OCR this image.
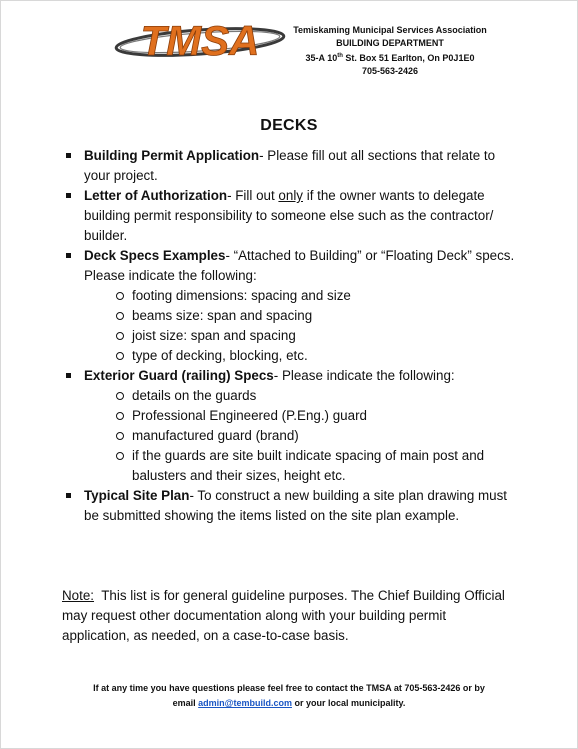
TMSA	Temiskaming Municipal Services Association
BUILDING DEPARTMENT
35-A 10th St. Box 51 Earlton, On P0J1E0
705-563-2426
DECKS

Building Permit Application- Please fill out all sections that relate to your project.

Letter of Authorization- Fill out only if the owner wants to delegate building permit responsibility to someone else such as the contractor/ builder.

Deck Specs Examples- “Attached to Building” or “Floating Deck” specs. Please indicate the following:
footing dimensions: spacing and size
beams size: span and spacing
joist size: span and spacing
type of decking, blocking, etc.
Exterior Guard (railing) Specs- Please indicate the following:
details on the guards
Professional Engineered (P.Eng.) guard
manufactured guard (brand)
if the guards are site built indicate spacing of main post and balusters and their sizes, height etc.

Typical Site Plan- To construct a new building a site plan drawing must be submitted showing the items listed on the site plan example.

Note:  This list is for general guideline purposes. The Chief Building Official may request other documentation along with your building permit application, as needed, on a case-to-case basis.

If at any time you have questions please feel free to contact the TMSA at 705-563-2426 or by
email admin@tembuild.com or your local municipality.
